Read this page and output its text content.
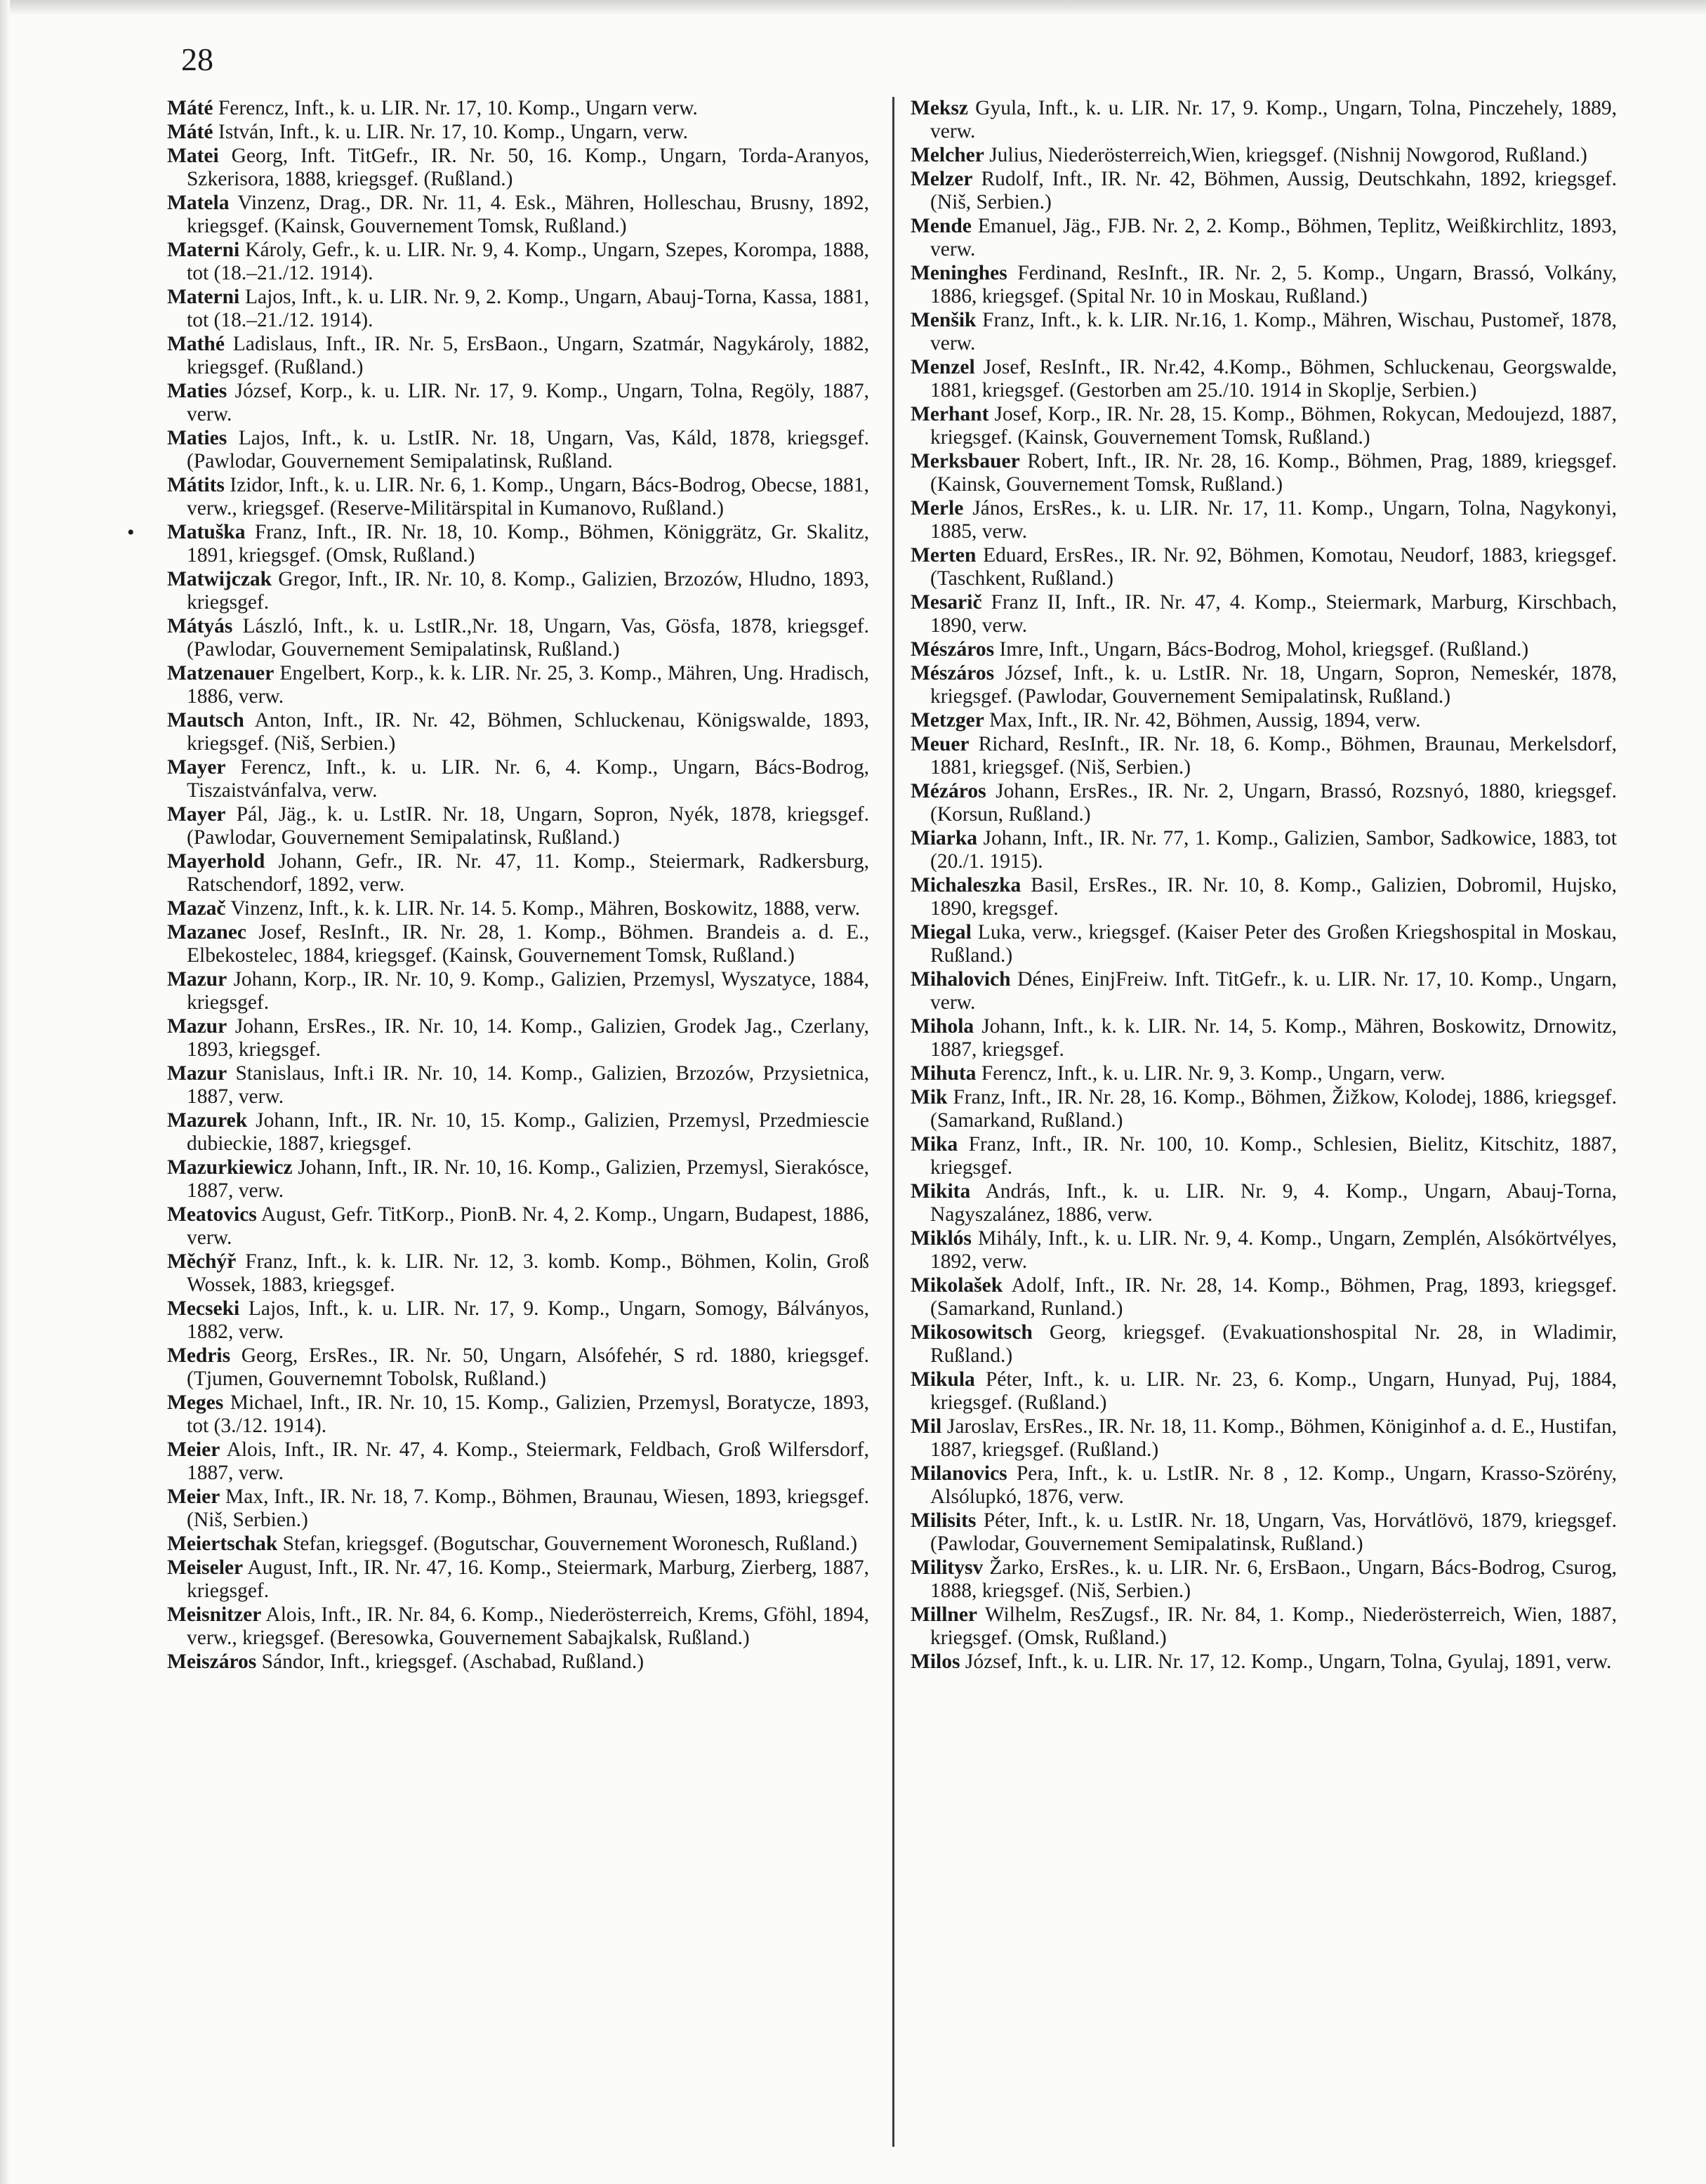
28

Máté Ferencz, Inft., k. u. LIR. Nr. 17, 10. Komp., Ungarn verw.

Máté István, Inft., k. u. LIR. Nr. 17, 10. Komp., Ungarn, verw.

Matei Georg, Inft. TitGefr., IR. Nr. 50, 16. Komp., Ungarn, Torda-Aranyos, Szkerisora, 1888, kriegsgef. (Rußland.)

Matela Vinzenz, Drag., DR. Nr. 11, 4. Esk., Mähren, Holleschau, Brusny, 1892, kriegsgef. (Kainsk, Gouvernement Tomsk, Rußland.)

Materni Károly, Gefr., k. u. LIR. Nr. 9, 4. Komp., Ungarn, Szepes, Korompa, 1888, tot (18.–21./12. 1914).

Materni Lajos, Inft., k. u. LIR. Nr. 9, 2. Komp., Ungarn, Abauj-Torna, Kassa, 1881, tot (18.–21./12. 1914).

Mathé Ladislaus, Inft., IR. Nr. 5, ErsBaon., Ungarn, Szatmár, Nagykároly, 1882, kriegsgef. (Rußland.)

Maties József, Korp., k. u. LIR. Nr. 17, 9. Komp., Ungarn, Tolna, Regöly, 1887, verw.

Maties Lajos, Inft., k. u. LstIR. Nr. 18, Ungarn, Vas, Káld, 1878, kriegsgef. (Pawlodar, Gouvernement Semipalatinsk, Rußland.

Mátits Izidor, Inft., k. u. LIR. Nr. 6, 1. Komp., Ungarn, Bács-Bodrog, Obecse, 1881, verw., kriegsgef. (Reserve-Militärspital in Kumanovo, Rußland.)

• Matuška Franz, Inft., IR. Nr. 18, 10. Komp., Böhmen, Königgrätz, Gr. Skalitz, 1891, kriegsgef. (Omsk, Rußland.)

Matwijczak Gregor, Inft., IR. Nr. 10, 8. Komp., Galizien, Brzozów, Hludno, 1893, kriegsgef.

Mátyás László, Inft., k. u. LstIR.,Nr. 18, Ungarn, Vas, Gösfa, 1878, kriegsgef. (Pawlodar, Gouvernement Semipalatinsk, Rußland.)

Matzenauer Engelbert, Korp., k. k. LIR. Nr. 25, 3. Komp., Mähren, Ung. Hradisch, 1886, verw.

Mautsch Anton, Inft., IR. Nr. 42, Böhmen, Schluckenau, Königswalde, 1893, kriegsgef. (Niš, Serbien.)

Mayer Ferencz, Inft., k. u. LIR. Nr. 6, 4. Komp., Ungarn, Bács-Bodrog, Tiszaistvánfalva, verw.

Mayer Pál, Jäg., k. u. LstIR. Nr. 18, Ungarn, Sopron, Nyék, 1878, kriegsgef. (Pawlodar, Gouvernement Semipalatinsk, Rußland.)

Mayerhold Johann, Gefr., IR. Nr. 47, 11. Komp., Steiermark, Radkersburg, Ratschendorf, 1892, verw.

Mazač Vinzenz, Inft., k. k. LIR. Nr. 14. 5. Komp., Mähren, Boskowitz, 1888, verw.

Mazanec Josef, ResInft., IR. Nr. 28, 1. Komp., Böhmen. Brandeis a. d. E., Elbekostelec, 1884, kriegsgef. (Kainsk, Gouvernement Tomsk, Rußland.)

Mazur Johann, Korp., IR. Nr. 10, 9. Komp., Galizien, Przemysl, Wyszatyce, 1884, kriegsgef.

Mazur Johann, ErsRes., IR. Nr. 10, 14. Komp., Galizien, Grodek Jag., Czerlany, 1893, kriegsgef.

Mazur Stanislaus, Inft.i IR. Nr. 10, 14. Komp., Galizien, Brzozów, Przysietnica, 1887, verw.

Mazurek Johann, Inft., IR. Nr. 10, 15. Komp., Galizien, Przemysl, Przedmiescie dubieckie, 1887, kriegsgef.

Mazurkiewicz Johann, Inft., IR. Nr. 10, 16. Komp., Galizien, Przemysl, Sierakósce, 1887, verw.

Meatovics August, Gefr. TitKorp., PionB. Nr. 4, 2. Komp., Ungarn, Budapest, 1886, verw.

Měchýř Franz, Inft., k. k. LIR. Nr. 12, 3. komb. Komp., Böhmen, Kolin, Groß Wossek, 1883, kriegsgef.

Mecseki Lajos, Inft., k. u. LIR. Nr. 17, 9. Komp., Ungarn, Somogy, Bálványos, 1882, verw.

Medris Georg, ErsRes., IR. Nr. 50, Ungarn, Alsófehér, S rd. 1880, kriegsgef. (Tjumen, Gouvernemnt Tobolsk, Rußland.)

Meges Michael, Inft., IR. Nr. 10, 15. Komp., Galizien, Przemysl, Boratycze, 1893, tot (3./12. 1914).

Meier Alois, Inft., IR. Nr. 47, 4. Komp., Steiermark, Feldbach, Groß Wilfersdorf, 1887, verw.

Meier Max, Inft., IR. Nr. 18, 7. Komp., Böhmen, Braunau, Wiesen, 1893, kriegsgef. (Niš, Serbien.)

Meiertschak Stefan, kriegsgef. (Bogutschar, Gouvernement Woronesch, Rußland.)

Meiseler August, Inft., IR. Nr. 47, 16. Komp., Steiermark, Marburg, Zierberg, 1887, kriegsgef.

Meisnitzer Alois, Inft., IR. Nr. 84, 6. Komp., Niederösterreich, Krems, Gföhl, 1894, verw., kriegsgef. (Beresowka, Gouvernement Sabajkalsk, Rußland.)

Meiszáros Sándor, Inft., kriegsgef. (Aschabad, Rußland.)

Meksz Gyula, Inft., k. u. LIR. Nr. 17, 9. Komp., Ungarn, Tolna, Pinczehely, 1889, verw.

Melcher Julius, Niederösterreich,Wien, kriegsgef. (Nishnij Nowgorod, Rußland.)

Melzer Rudolf, Inft., IR. Nr. 42, Böhmen, Aussig, Deutschkahn, 1892, kriegsgef. (Niš, Serbien.)

Mende Emanuel, Jäg., FJB. Nr. 2, 2. Komp., Böhmen, Teplitz, Weißkirchlitz, 1893, verw.

Meninghes Ferdinand, ResInft., IR. Nr. 2, 5. Komp., Ungarn, Brassó, Volkány, 1886, kriegsgef. (Spital Nr. 10 in Moskau, Rußland.)

Menšik Franz, Inft., k. k. LIR. Nr.16, 1. Komp., Mähren, Wischau, Pustomeř, 1878, verw.

Menzel Josef, ResInft., IR. Nr.42, 4.Komp., Böhmen, Schluckenau, Georgswalde, 1881, kriegsgef. (Gestorben am 25./10. 1914 in Skoplje, Serbien.)

Merhant Josef, Korp., IR. Nr. 28, 15. Komp., Böhmen, Rokycan, Medoujezd, 1887, kriegsgef. (Kainsk, Gouvernement Tomsk, Rußland.)

Merksbauer Robert, Inft., IR. Nr. 28, 16. Komp., Böhmen, Prag, 1889, kriegsgef. (Kainsk, Gouvernement Tomsk, Rußland.)

Merle János, ErsRes., k. u. LIR. Nr. 17, 11. Komp., Ungarn, Tolna, Nagykonyi, 1885, verw.

Merten Eduard, ErsRes., IR. Nr. 92, Böhmen, Komotau, Neudorf, 1883, kriegsgef. (Taschkent, Rußland.)

Mesarič Franz II, Inft., IR. Nr. 47, 4. Komp., Steiermark, Marburg, Kirschbach, 1890, verw.

Mészáros Imre, Inft., Ungarn, Bács-Bodrog, Mohol, kriegsgef. (Rußland.)

Mészáros József, Inft., k. u. LstIR. Nr. 18, Ungarn, Sopron, Nemeskér, 1878, kriegsgef. (Pawlodar, Gouvernement Semipalatinsk, Rußland.)

Metzger Max, Inft., IR. Nr. 42, Böhmen, Aussig, 1894, verw.

Meuer Richard, ResInft., IR. Nr. 18, 6. Komp., Böhmen, Braunau, Merkelsdorf, 1881, kriegsgef. (Niš, Serbien.)

Mézáros Johann, ErsRes., IR. Nr. 2, Ungarn, Brassó, Rozsnyó, 1880, kriegsgef. (Korsun, Rußland.)

Miarka Johann, Inft., IR. Nr. 77, 1. Komp., Galizien, Sambor, Sadkowice, 1883, tot (20./1. 1915).

Michaleszka Basil, ErsRes., IR. Nr. 10, 8. Komp., Galizien, Dobromil, Hujsko, 1890, kregsgef.

Miegal Luka, verw., kriegsgef. (Kaiser Peter des Großen Kriegshospital in Moskau, Rußland.)

Mihalovich Dénes, EinjFreiw. Inft. TitGefr., k. u. LIR. Nr. 17, 10. Komp., Ungarn, verw.

Mihola Johann, Inft., k. k. LIR. Nr. 14, 5. Komp., Mähren, Boskowitz, Drnowitz, 1887, kriegsgef.

Mihuta Ferencz, Inft., k. u. LIR. Nr. 9, 3. Komp., Ungarn, verw.

Mik Franz, Inft., IR. Nr. 28, 16. Komp., Böhmen, Žižkow, Kolodej, 1886, kriegsgef. (Samarkand, Rußland.)

Mika Franz, Inft., IR. Nr. 100, 10. Komp., Schlesien, Bielitz, Kitschitz, 1887, kriegsgef.

Mikita András, Inft., k. u. LIR. Nr. 9, 4. Komp., Ungarn, Abauj-Torna, Nagyszalánez, 1886, verw.

Miklós Mihály, Inft., k. u. LIR. Nr. 9, 4. Komp., Ungarn, Zemplén, Alsókörtvélyes, 1892, verw.

Mikolašek Adolf, Inft., IR. Nr. 28, 14. Komp., Böhmen, Prag, 1893, kriegsgef. (Samarkand, Runland.)

Mikosowitsch Georg, kriegsgef. (Evakuationshospital Nr. 28, in Wladimir, Rußland.)

Mikula Péter, Inft., k. u. LIR. Nr. 23, 6. Komp., Ungarn, Hunyad, Puj, 1884, kriegsgef. (Rußland.)

Mil Jaroslav, ErsRes., IR. Nr. 18, 11. Komp., Böhmen, Königinhof a. d. E., Hustifan, 1887, kriegsgef. (Rußland.)

Milanovics Pera, Inft., k. u. LstIR. Nr. 8 , 12. Komp., Ungarn, Krasso-Szörény, Alsólupkó, 1876, verw.

Milisits Péter, Inft., k. u. LstIR. Nr. 18, Ungarn, Vas, Horvátlövö, 1879, kriegsgef. (Pawlodar, Gouvernement Semipalatinsk, Rußland.)

Militysv Žarko, ErsRes., k. u. LIR. Nr. 6, ErsBaon., Ungarn, Bács-Bodrog, Csurog, 1888, kriegsgef. (Niš, Serbien.)

Millner Wilhelm, ResZugsf., IR. Nr. 84, 1. Komp., Niederösterreich, Wien, 1887, kriegsgef. (Omsk, Rußland.)

Milos József, Inft., k. u. LIR. Nr. 17, 12. Komp., Ungarn, Tolna, Gyulaj, 1891, verw.
